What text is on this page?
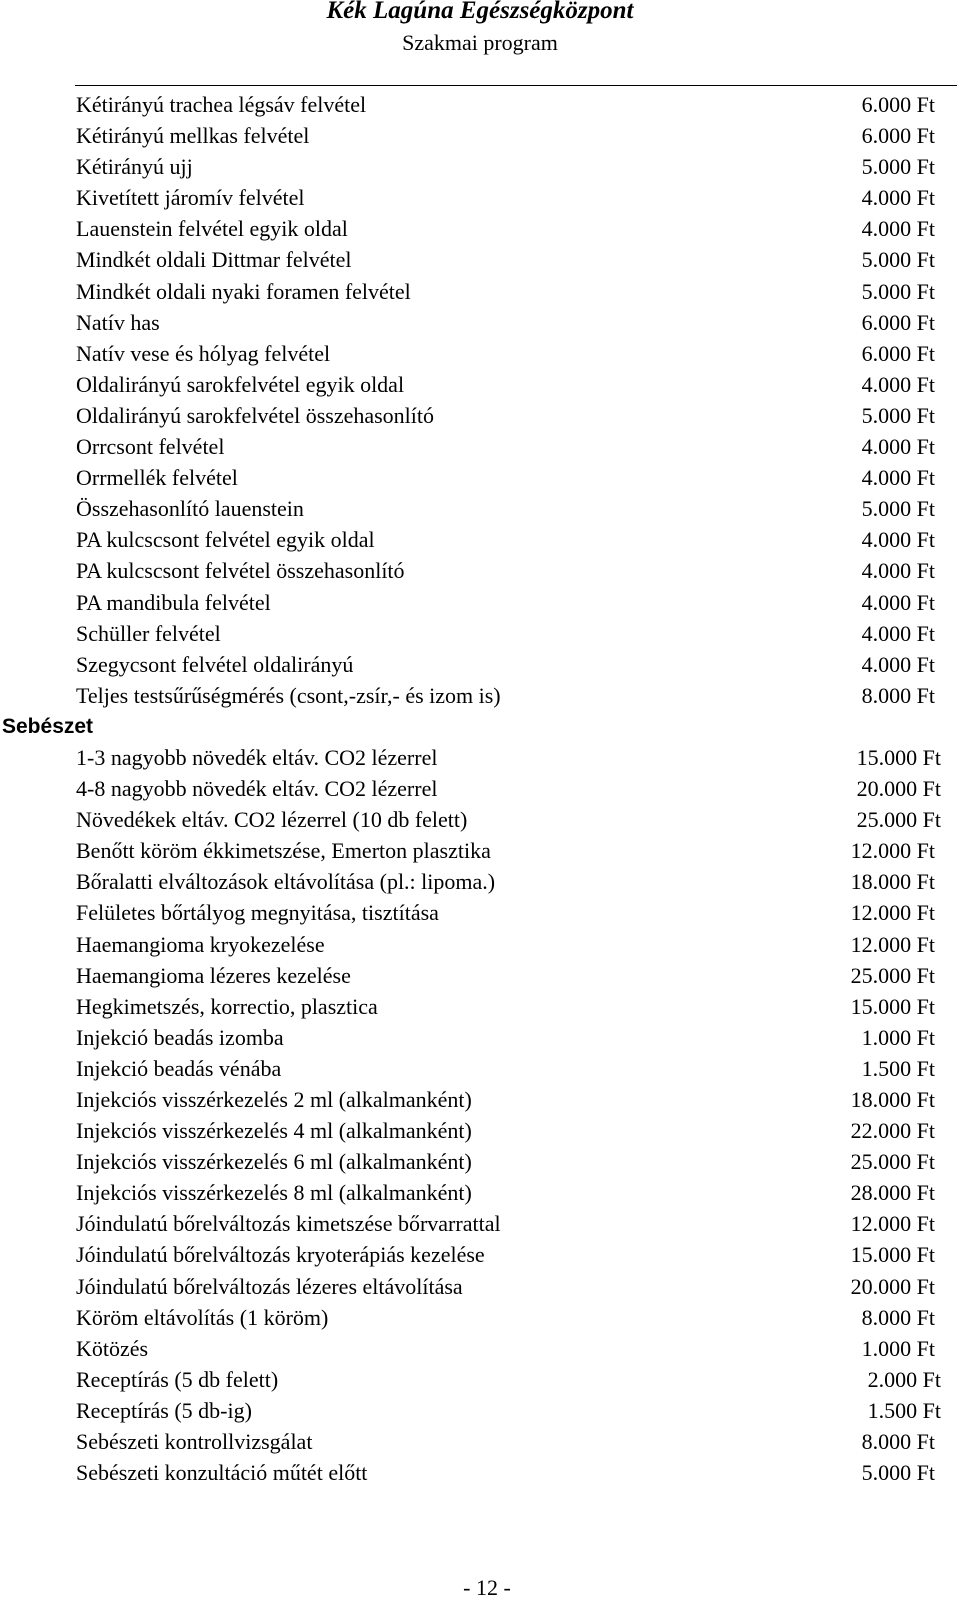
Kék Lagúna Egészségközpont
Szakmai program
Kétirányú trachea légsáv felvétel	6.000 Ft
Kétirányú mellkas felvétel	6.000 Ft
Kétirányú ujj	5.000 Ft
Kivetített járomív felvétel	4.000 Ft
Lauenstein felvétel egyik oldal	4.000 Ft
Mindkét oldali Dittmar felvétel	5.000 Ft
Mindkét oldali nyaki foramen felvétel	5.000 Ft
Natív has	6.000 Ft
Natív vese és hólyag felvétel	6.000 Ft
Oldalirányú sarokfelvétel egyik oldal	4.000 Ft
Oldalirányú sarokfelvétel összehasonlító	5.000 Ft
Orrcsont felvétel	4.000 Ft
Orrmellék felvétel	4.000 Ft
Összehasonlító lauenstein	5.000 Ft
PA kulcscsont felvétel egyik oldal	4.000 Ft
PA kulcscsont felvétel összehasonlító	4.000 Ft
PA mandibula felvétel	4.000 Ft
Schüller felvétel	4.000 Ft
Szegycsont felvétel oldalirányú	4.000 Ft
Teljes testsűrűségmérés (csont,-zsír,- és izom is)	8.000 Ft
Sebészet
1-3 nagyobb növedék eltáv. CO2 lézerrel	15.000 Ft
4-8 nagyobb növedék eltáv. CO2 lézerrel	20.000 Ft
Növedékek eltáv. CO2 lézerrel (10 db felett)	25.000 Ft
Benőtt köröm ékkimetszése, Emerton plasztika	12.000 Ft
Bőralatti elváltozások eltávolítása (pl.: lipoma.)	18.000 Ft
Felületes bőrtályog megnyitása, tisztítása	12.000 Ft
Haemangioma kryokezelése	12.000 Ft
Haemangioma lézeres kezelése	25.000 Ft
Hegkimetszés, korrectio, plasztica	15.000 Ft
Injekció beadás izomba	1.000 Ft
Injekció beadás vénába	1.500 Ft
Injekciós visszérkezelés 2 ml (alkalmanként)	18.000 Ft
Injekciós visszérkezelés 4 ml (alkalmanként)	22.000 Ft
Injekciós visszérkezelés 6 ml (alkalmanként)	25.000 Ft
Injekciós visszérkezelés 8 ml (alkalmanként)	28.000 Ft
Jóindulatú bőrelváltozás kimetszése bőrvarrattal	12.000 Ft
Jóindulatú bőrelváltozás kryoterápiás kezelése	15.000 Ft
Jóindulatú bőrelváltozás lézeres eltávolítása	20.000 Ft
Köröm eltávolítás (1 köröm)	8.000 Ft
Kötözés	1.000 Ft
Receptírás (5 db felett)	2.000 Ft
Receptírás (5 db-ig)	1.500 Ft
Sebészeti kontrollvizsgálat	8.000 Ft
Sebészeti konzultáció műtét előtt	5.000 Ft
- 12 -
